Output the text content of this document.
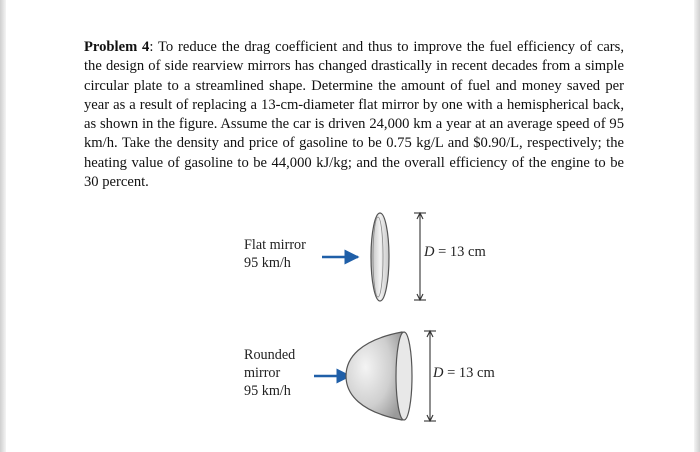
Problem 4: To reduce the drag coefficient and thus to improve the fuel efficiency of cars, the design of side rearview mirrors has changed drastically in recent decades from a simple circular plate to a streamlined shape. Determine the amount of fuel and money saved per year as a result of replacing a 13-cm-diameter flat mirror by one with a hemispherical back, as shown in the figure. Assume the car is driven 24,000 km a year at an average speed of 95 km/h. Take the density and price of gasoline to be 0.75 kg/L and $0.90/L, respectively; the heating value of gasoline to be 44,000 kJ/kg; and the overall efficiency of the engine to be 30 percent.

Flat mirror
95 km/h
D = 13 cm
Rounded
mirror
95 km/h
D = 13 cm
